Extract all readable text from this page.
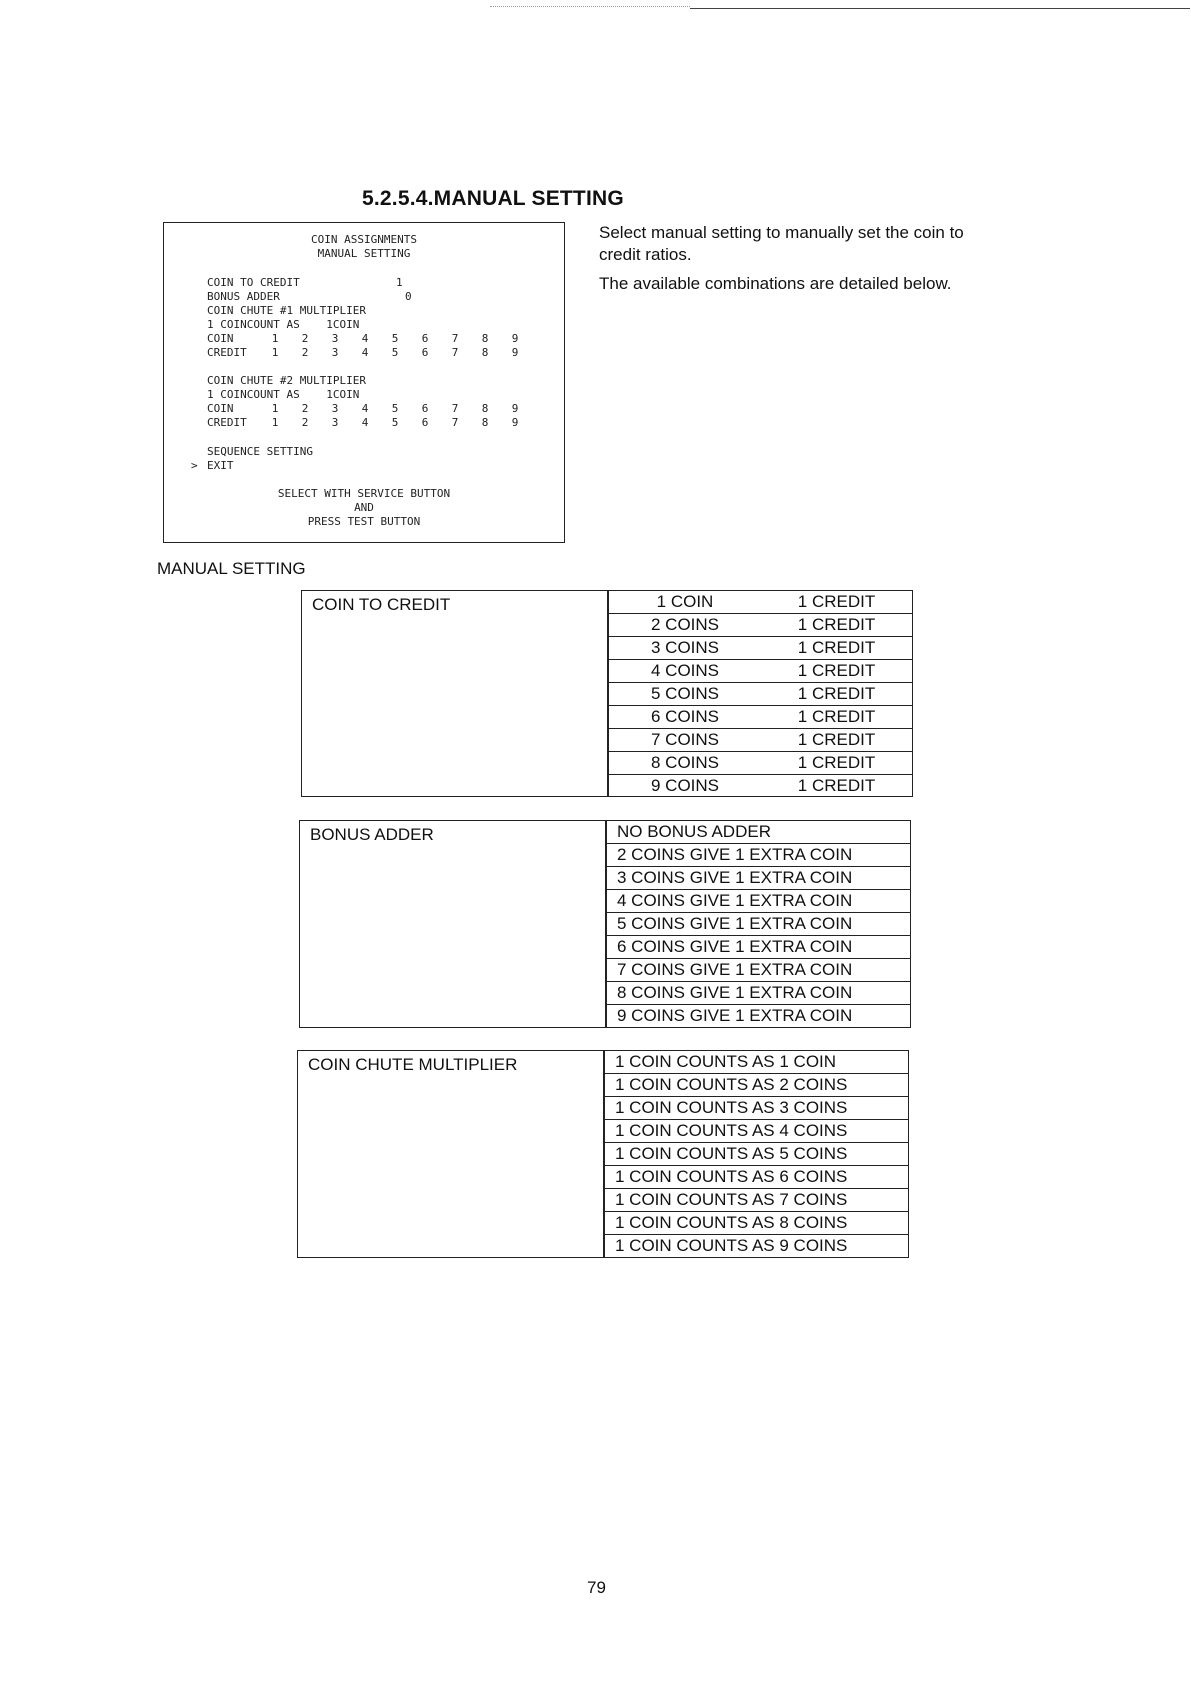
5.2.5.4.MANUAL SETTING
COIN ASSIGNMENTS
MANUAL SETTING
COIN TO CREDIT	1
BONUS ADDER	0
COIN CHUTE #1 MULTIPLIER
1 COINCOUNT AS    1COIN
COIN	1 2 3 4 5 6 7 8 9
CREDIT 1 2 3 4 5 6 7 8 9
COIN CHUTE #2 MULTIPLIER
1 COINCOUNT AS    1COIN
COIN	1 2 3 4 5 6 7 8 9
CREDIT 1 2 3 4 5 6 7 8 9
SEQUENCE SETTING
> EXIT
SELECT WITH SERVICE BUTTON
AND
PRESS TEST BUTTON
Select manual setting to manually set the coin to
credit ratios.
The available combinations are detailed below.
MANUAL SETTING
COIN TO CREDIT	1 COIN	1 CREDIT
2 COINS	1 CREDIT
3 COINS	1 CREDIT
4 COINS	1 CREDIT
5 COINS	1 CREDIT
6 COINS	1 CREDIT
7 COINS	1 CREDIT
8 COINS	1 CREDIT
9 COINS	1 CREDIT
BONUS ADDER	NO BONUS ADDER
2 COINS GIVE 1 EXTRA COIN
3 COINS GIVE 1 EXTRA COIN
4 COINS GIVE 1 EXTRA COIN
5 COINS GIVE 1 EXTRA COIN
6 COINS GIVE 1 EXTRA COIN
7 COINS GIVE 1 EXTRA COIN
8 COINS GIVE 1 EXTRA COIN
9 COINS GIVE 1 EXTRA COIN
COIN CHUTE MULTIPLIER	1 COIN COUNTS AS 1 COIN
1 COIN COUNTS AS 2 COINS
1 COIN COUNTS AS 3 COINS
1 COIN COUNTS AS 4 COINS
1 COIN COUNTS AS 5 COINS
1 COIN COUNTS AS 6 COINS
1 COIN COUNTS AS 7 COINS
1 COIN COUNTS AS 8 COINS
1 COIN COUNTS AS 9 COINS
79
